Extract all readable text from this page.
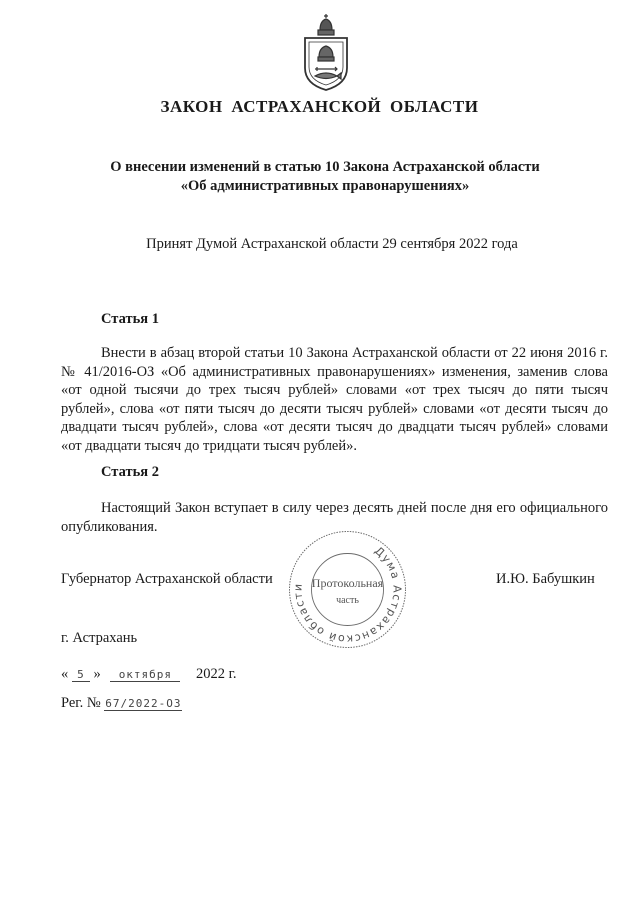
ЗАКОН АСТРАХАНСКОЙ ОБЛАСТИ
О внесении изменений в статью 10 Закона Астраханской области
«Об административных правонарушениях»
Принят Думой Астраханской области 29 сентября 2022 года
Статья 1
Внести в абзац второй статьи 10 Закона Астраханской области от 22 июня 2016 г. № 41/2016-ОЗ «Об административных правонарушениях» изменения, заменив слова «от одной тысячи до трех тысяч рублей» словами «от трех тысяч до пяти тысяч рублей», слова «от пяти тысяч до десяти тысяч рублей» словами «от десяти тысяч до двадцати тысяч рублей», слова «от десяти тысяч до двадцати тысяч рублей» словами «от двадцати тысяч до тридцати тысяч рублей».
Статья 2
Настоящий Закон вступает в силу через десять дней после дня его официального опубликования.
Губернатор Астраханской области	И.Ю. Бабушкин
Дума Астраханской области Протокольная
часть
г. Астрахань
« 5 » октября 2022 г.
Рег. № 67/2022-ОЗ
